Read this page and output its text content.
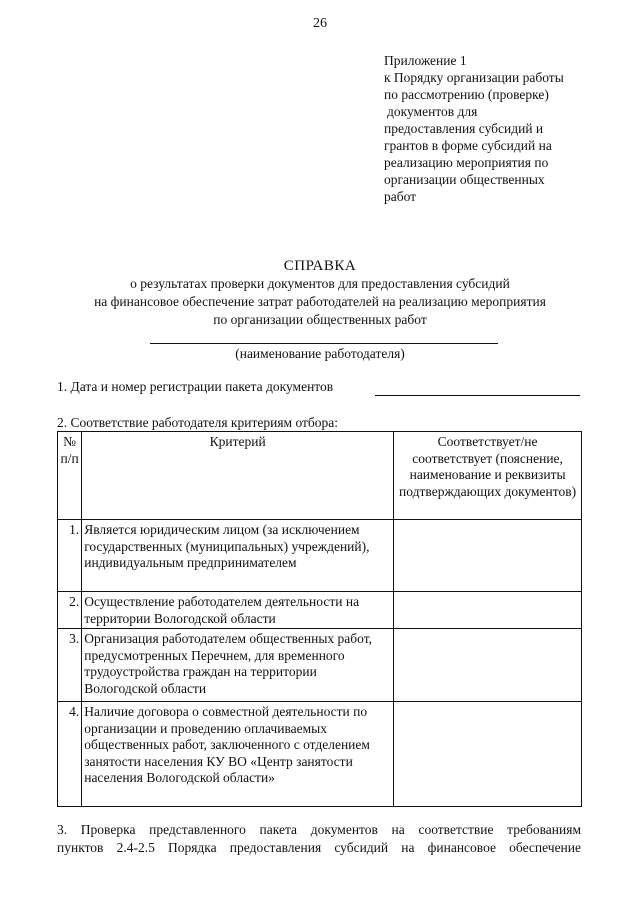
26
Приложение 1
к Порядку организации работы
по рассмотрению (проверке)
документов для
предоставления субсидий и
грантов в форме субсидий на
реализацию мероприятия по
организации общественных
работ
СПРАВКА
о результатах проверки документов для предоставления субсидий
на финансовое обеспечение затрат работодателей на реализацию мероприятия
по организации общественных работ
(наименование работодателя)
1. Дата и номер регистрации пакета документов
2. Соответствие работодателя критериям отбора:
№ п/п	Критерий	Соответствует/не соответствует (пояснение, наименование и реквизиты подтверждающих документов)
1.	Является юридическим лицом (за исключением государственных (муниципальных) учреждений), индивидуальным предпринимателем	
2.	Осуществление работодателем деятельности на территории Вологодской области	
3.	Организация работодателем общественных работ, предусмотренных Перечнем, для временного трудоустройства граждан на территории Вологодской области	
4.	Наличие договора о совместной деятельности по организации и проведению оплачиваемых общественных работ, заключенного с отделением занятости населения КУ ВО «Центр занятости населения Вологодской области»	
3. Проверка представленного пакета документов на соответствие требованиям
пунктов 2.4-2.5 Порядка предоставления субсидий на финансовое обеспечение
